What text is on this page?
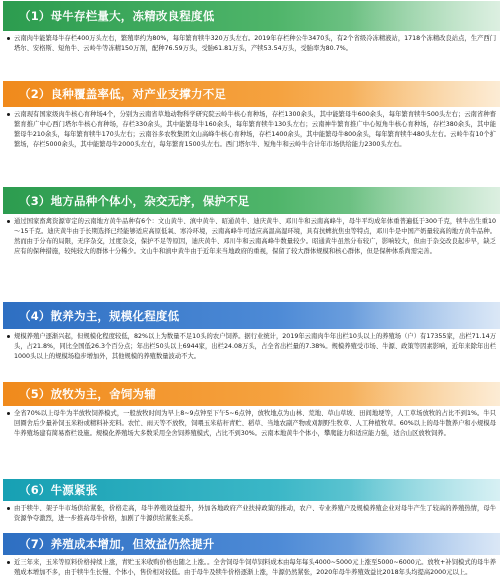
（1）母牛存栏量大，冻精改良程度低

云南肉牛能繁母牛存栏400万头左右，繁殖率约为80%，每年繁育犊牛320万头左右。2019年存栏种公牛3470头，有2个省级冷冻精液站，1718个冻精改良站点，生产西门塔尔、安格斯、短角牛、云岭牛等冻精150万剂，配种76.59万头，受胎61.81万头，产犊53.54万头，受胎率为80.7%。

（2）良种覆盖率低，对产业支撑力不足

云南现有国家级肉牛核心育种场4个，分别为云南省草地动物科学研究院云岭牛核心育种场，存栏1300余头，其中能繁母牛600余头，每年繁育犊牛500头左右；云南省种畜繁育推广中心西门塔尔牛核心育种场，存栏330余头，其中能繁母牛160余头，每年繁育犊牛130头左右；云南神牛繁育推广中心短角牛核心育种场，存栏380余头，其中能繁母牛210余头，每年繁育犊牛170头左右；云南谷多农牧集团文山高峰牛核心育种场，存栏1400余头，其中能繁母牛800余头，每年繁育犊牛480头左右。云岭牛有10个扩繁场，存栏5000余头，其中能繁母牛2000头左右，每年繁育1500头左右。西门塔尔牛、短角牛和云岭牛合计年市场供给能力2300头左右。

（3）地方品种个体小，杂交无序，保护不足

通过国家畜禽资源审定的云南地方黄牛品种有6个：文山黄牛、滇中黄牛、昭通黄牛、迪庆黄牛、邓川牛和云南高峰牛，母牛平均成年体重普遍低于300千克，犊牛出生重10～15千克。迪庆黄牛由于长期选择已经能够适应高原低氧、寒冷环境，云南高峰牛可适应高温高湿环境，具有抗蜱抗焦虫等特点，邓川牛是中国产奶量较高的地方黄牛品种。然而由于分布的局限，无序杂交，过度杂交，保护不足等原因，迪庆黄牛、邓川牛和云南高峰牛数量较少。昭通黄牛虽然分布较广，影响较大，但由于杂交改良起步早，缺乏应有的保种措施，较纯较大的群体十分稀少。文山牛和滇中黄牛由于近年来当地政府的重视，保留了较大群体规模和核心群体，但是保种体系尚需完善。

（4）散养为主，规模化程度低

规模养殖户逐渐兴起，但规模化程度较低，82%以上为数量不足10头的农户饲养。据行业统计，2019年云南肉牛年出栏10头以上的养殖场（户）有17355家，出栏71.14万头，占21.8%，同比全国低26.3个百分点；年出栏50头以上6944家，出栏24.08万头，占全省出栏量的7.38%。规模养殖受市场、牛源、政策等因素影响，近年来除年出栏1000头以上的规模场稳步增加外，其他规模的养殖数量波动不大。

（5）放牧为主，舍饲为辅

全省70%以上母牛为半放牧饲养模式，一般放牧时间为早上8~9点钟至下午5~6点钟，放牧地点为山林、荒地、草山草坡、田间地埂等，人工草场放牧的占比不到1%。牛只回圈舍后少量补饲玉米粉或精料补充料。农忙、雨天等不放牧，饲喂玉米秸秆青贮、稻草、当地农副产物或刈割野生牧草、人工种植牧草。60%以上的母牛散养户和小规模母牛养殖场建有简易畜栏设施。规模化养殖场大多数采用全舍饲养殖模式，占比不到30%。云南本地黄牛个体小，攀爬能力和适应能力强，适合山区放牧饲养。

（6）牛源紧张

由于犊牛、架子牛市场供给紧张，价格走高，母牛养殖效益提升，外加各地政府产业扶持政策的推动，农户、专业养殖户及规模养殖企业对母牛产生了较高的养殖热情，母牛资源争夺激烈，进一步推高母牛价格，加剧了牛源供给紧张关系。

（7）养殖成本增加，但效益仍然提升

近三年来，玉米等原料价格持续上涨，青贮玉米收购价格也随之上涨。。全舍饲母牛饲草饲料成本由每年每头4000~5000元上涨至5000~6000元。放牧+补饲模式的母牛养殖成本增加不多，由于犊牛生长慢、个体小，售价相对较低。由于母牛及犊牛价格逐渐上涨，牛源仍然紧张，2020年母牛养殖效益比2018年头均提高2000元以上。
